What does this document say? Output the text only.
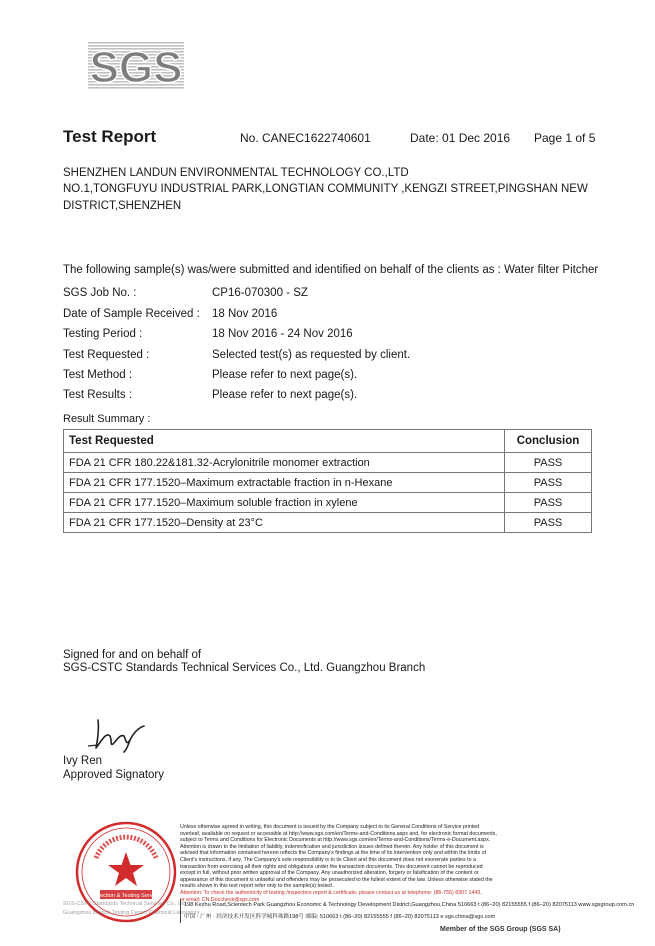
SGS
Test Report	No. CANEC1622740601	Date: 01 Dec 2016 Page 1 of 5
SHENZHEN LANDUN ENVIRONMENTAL TECHNOLOGY CO.,LTD
NO.1,TONGFUYU INDUSTRIAL PARK,LONGTIAN COMMUNITY ,KENGZI STREET,PINGSHAN NEW
DISTRICT,SHENZHEN
The following sample(s) was/were submitted and identified on behalf of the clients as : Water filter Pitcher
SGS Job No. :	CP16-070300 - SZ
Date of Sample Received : 18 Nov 2016
Testing Period :	18 Nov 2016 - 24 Nov 2016
Test Requested :	Selected test(s) as requested by client.
Test Method :	Please refer to next page(s).
Test Results :	Please refer to next page(s).
Result Summary :
Test Requested	Conclusion
FDA 21 CFR 180.22&181.32-Acrylonitrile monomer extraction	PASS
FDA 21 CFR 177.1520–Maximum extractable fraction in n-Hexane	PASS
FDA 21 CFR 177.1520–Maximum soluble fraction in xylene	PASS
FDA 21 CFR 177.1520–Density at 23°C	PASS
Signed for and on behalf of
SGS-CSTC Standards Technical Services Co., Ltd. Guangzhou Branch
Ivy Ren
Approved Signatory
Inspection & Testing Services
SGS-CSTC Standards Technical Services Co., Ltd.
Guangzhou Branch Testing Center Chemical Laboratory
Unless otherwise agreed in writing, this document is issued by the Company subject to its General Conditions of Service printed
overleaf, available on request or accessible at http://www.sgs.com/en/Terms-and-Conditions.aspx and, for electronic format documents,
subject to Terms and Conditions for Electronic Documents at http://www.sgs.com/en/Terms-and-Conditions/Terms-e-Document.aspx.
Attention is drawn to the limitation of liability, indemnification and jurisdiction issues defined therein. Any holder of this document is
advised that information contained hereon reflects the Company's findings at the time of its intervention only and within the limits of
Client's instructions, if any. The Company's sole responsibility is to its Client and this document does not exonerate parties to a
transaction from exercising all their rights and obligations under the transaction documents. This document cannot be reproduced
except in full, without prior written approval of the Company. Any unauthorized alteration, forgery or falsification of the content or
appearance of this document is unlawful and offenders may be prosecuted to the fullest extent of the law. Unless otherwise stated the
results shown in this test report refer only to the sample(s) tested .
Attention: To check the authenticity of testing /inspection report & certificate, please contact us at telephone: (86-755) 8307 1443,
or email: CN.Doccheck@sgs.com
198 Kezhu Road,Scientech Park Guangzhou Economic & Technology Development District,Guangzhou,China 510663 t (86–20) 82155555 f (86–20) 82075113 www.sgsgroup.com.cn
中国 · 广州 · 经济技术开发区科学城科珠路198号 邮编: 510663 t (86–20) 82155555 f (86–20) 82075113 e sgs.china@sgs.com
Member of the SGS Group (SGS SA)
